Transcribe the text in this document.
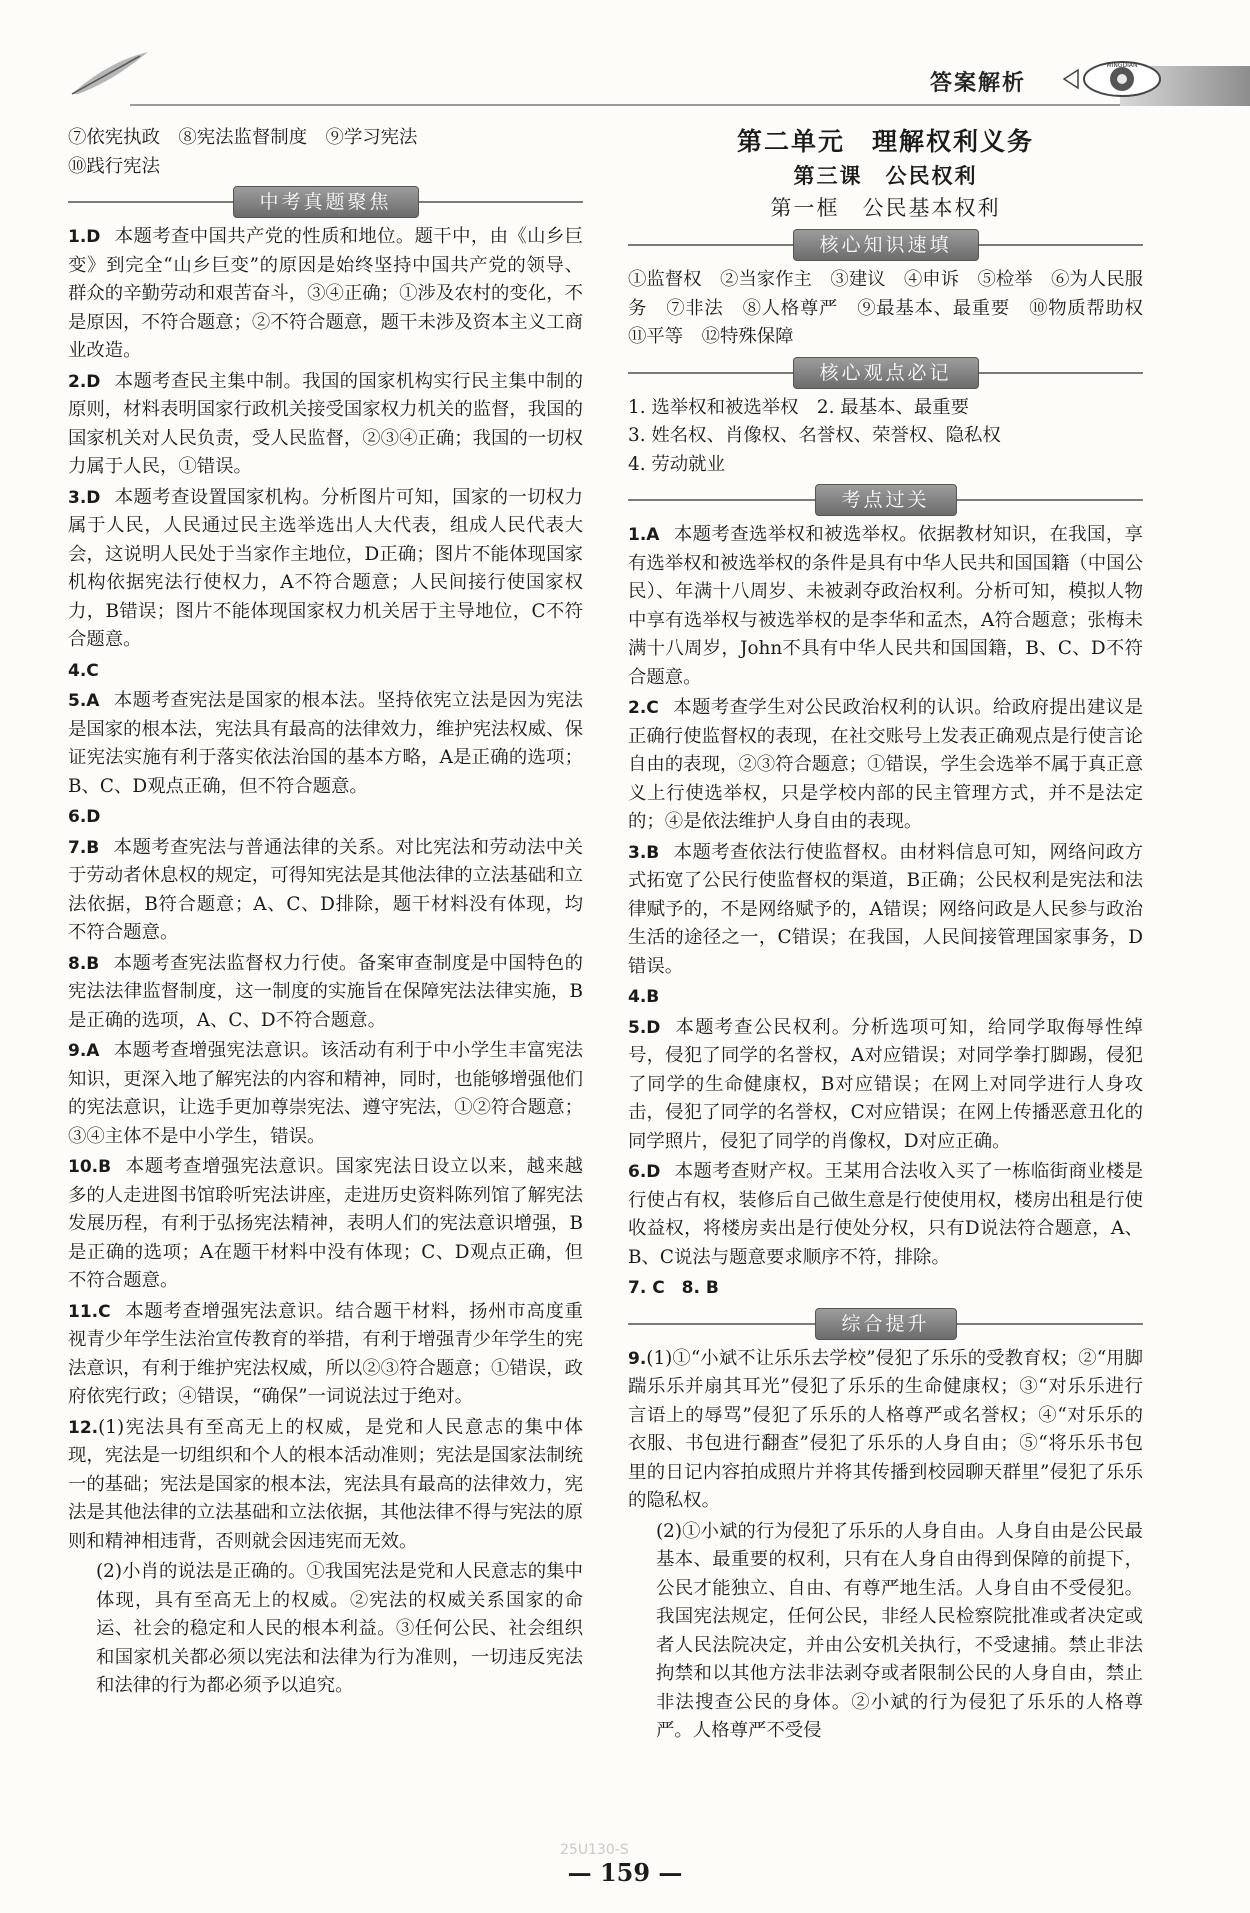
答案解析
MINGDIAN

⑦依宪执政　⑧宪法监督制度　⑨学习宪法

⑩践行宪法

中考真题聚焦

1.D 本题考查中国共产党的性质和地位。题干中，由《山乡巨变》到完全“山乡巨变”的原因是始终坚持中国共产党的领导、群众的辛勤劳动和艰苦奋斗，③④正确；①涉及农村的变化，不是原因，不符合题意；②不符合题意，题干未涉及资本主义工商业改造。

2.D 本题考查民主集中制。我国的国家机构实行民主集中制的原则，材料表明国家行政机关接受国家权力机关的监督，我国的国家机关对人民负责，受人民监督，②③④正确；我国的一切权力属于人民，①错误。

3.D 本题考查设置国家机构。分析图片可知，国家的一切权力属于人民，人民通过民主选举选出人大代表，组成人民代表大会，这说明人民处于当家作主地位，D正确；图片不能体现国家机构依据宪法行使权力，A不符合题意；人民间接行使国家权力，B错误；图片不能体现国家权力机关居于主导地位，C不符合题意。

4.C

5.A 本题考查宪法是国家的根本法。坚持依宪立法是因为宪法是国家的根本法，宪法具有最高的法律效力，维护宪法权威、保证宪法实施有利于落实依法治国的基本方略，A是正确的选项；B、C、D观点正确，但不符合题意。

6.D

7.B 本题考查宪法与普通法律的关系。对比宪法和劳动法中关于劳动者休息权的规定，可得知宪法是其他法律的立法基础和立法依据，B符合题意；A、C、D排除，题干材料没有体现，均不符合题意。

8.B 本题考查宪法监督权力行使。备案审查制度是中国特色的宪法法律监督制度，这一制度的实施旨在保障宪法法律实施，B是正确的选项，A、C、D不符合题意。

9.A 本题考查增强宪法意识。该活动有利于中小学生丰富宪法知识，更深入地了解宪法的内容和精神，同时，也能够增强他们的宪法意识，让选手更加尊崇宪法、遵守宪法，①②符合题意；③④主体不是中小学生，错误。

10.B 本题考查增强宪法意识。国家宪法日设立以来，越来越多的人走进图书馆聆听宪法讲座，走进历史资料陈列馆了解宪法发展历程，有利于弘扬宪法精神，表明人们的宪法意识增强，B是正确的选项；A在题干材料中没有体现；C、D观点正确，但不符合题意。

11.C 本题考查增强宪法意识。结合题干材料，扬州市高度重视青少年学生法治宣传教育的举措，有利于增强青少年学生的宪法意识，有利于维护宪法权威，所以②③符合题意；①错误，政府依宪行政；④错误，“确保”一词说法过于绝对。

12.(1)宪法具有至高无上的权威，是党和人民意志的集中体现，宪法是一切组织和个人的根本活动准则；宪法是国家法制统一的基础；宪法是国家的根本法，宪法具有最高的法律效力，宪法是其他法律的立法基础和立法依据，其他法律不得与宪法的原则和精神相违背，否则就会因违宪而无效。

(2)小肖的说法是正确的。①我国宪法是党和人民意志的集中体现，具有至高无上的权威。②宪法的权威关系国家的命运、社会的稳定和人民的根本利益。③任何公民、社会组织和国家机关都必须以宪法和法律为行为准则，一切违反宪法和法律的行为都必须予以追究。

第二单元　理解权利义务
第三课　公民权利
第一框　公民基本权利
核心知识速填

①监督权　②当家作主　③建议　④申诉　⑤检举　⑥为人民服务　⑦非法　⑧人格尊严　⑨最基本、最重要　⑩物质帮助权　⑪平等　⑫特殊保障

核心观点必记

1. 选举权和被选举权　2. 最基本、最重要

3. 姓名权、肖像权、名誉权、荣誉权、隐私权

4. 劳动就业

考点过关

1.A 本题考查选举权和被选举权。依据教材知识，在我国，享有选举权和被选举权的条件是具有中华人民共和国国籍（中国公民）、年满十八周岁、未被剥夺政治权利。分析可知，模拟人物中享有选举权与被选举权的是李华和孟杰，A符合题意；张梅未满十八周岁，John不具有中华人民共和国国籍，B、C、D不符合题意。

2.C 本题考查学生对公民政治权利的认识。给政府提出建议是正确行使监督权的表现，在社交账号上发表正确观点是行使言论自由的表现，②③符合题意；①错误，学生会选举不属于真正意义上行使选举权，只是学校内部的民主管理方式，并不是法定的；④是依法维护人身自由的表现。

3.B 本题考查依法行使监督权。由材料信息可知，网络问政方式拓宽了公民行使监督权的渠道，B正确；公民权利是宪法和法律赋予的，不是网络赋予的，A错误；网络问政是人民参与政治生活的途径之一，C错误；在我国，人民间接管理国家事务，D错误。

4.B

5.D 本题考查公民权利。分析选项可知，给同学取侮辱性绰号，侵犯了同学的名誉权，A对应错误；对同学拳打脚踢，侵犯了同学的生命健康权，B对应错误；在网上对同学进行人身攻击，侵犯了同学的名誉权，C对应错误；在网上传播恶意丑化的同学照片，侵犯了同学的肖像权，D对应正确。

6.D 本题考查财产权。王某用合法收入买了一栋临街商业楼是行使占有权，装修后自己做生意是行使使用权，楼房出租是行使收益权，将楼房卖出是行使处分权，只有D说法符合题意，A、B、C说法与题意要求顺序不符，排除。

7. C　8. B

综合提升

9.(1)①“小斌不让乐乐去学校”侵犯了乐乐的受教育权；②“用脚踹乐乐并扇其耳光”侵犯了乐乐的生命健康权；③“对乐乐进行言语上的辱骂”侵犯了乐乐的人格尊严或名誉权；④“对乐乐的衣服、书包进行翻查”侵犯了乐乐的人身自由；⑤“将乐乐书包里的日记内容拍成照片并将其传播到校园聊天群里”侵犯了乐乐的隐私权。

(2)①小斌的行为侵犯了乐乐的人身自由。人身自由是公民最基本、最重要的权利，只有在人身自由得到保障的前提下，公民才能独立、自由、有尊严地生活。人身自由不受侵犯。我国宪法规定，任何公民，非经人民检察院批准或者决定或者人民法院决定，并由公安机关执行，不受逮捕。禁止非法拘禁和以其他方法非法剥夺或者限制公民的人身自由，禁止非法搜查公民的身体。②小斌的行为侵犯了乐乐的人格尊严。人格尊严不受侵

25U130-S
— 159 —
